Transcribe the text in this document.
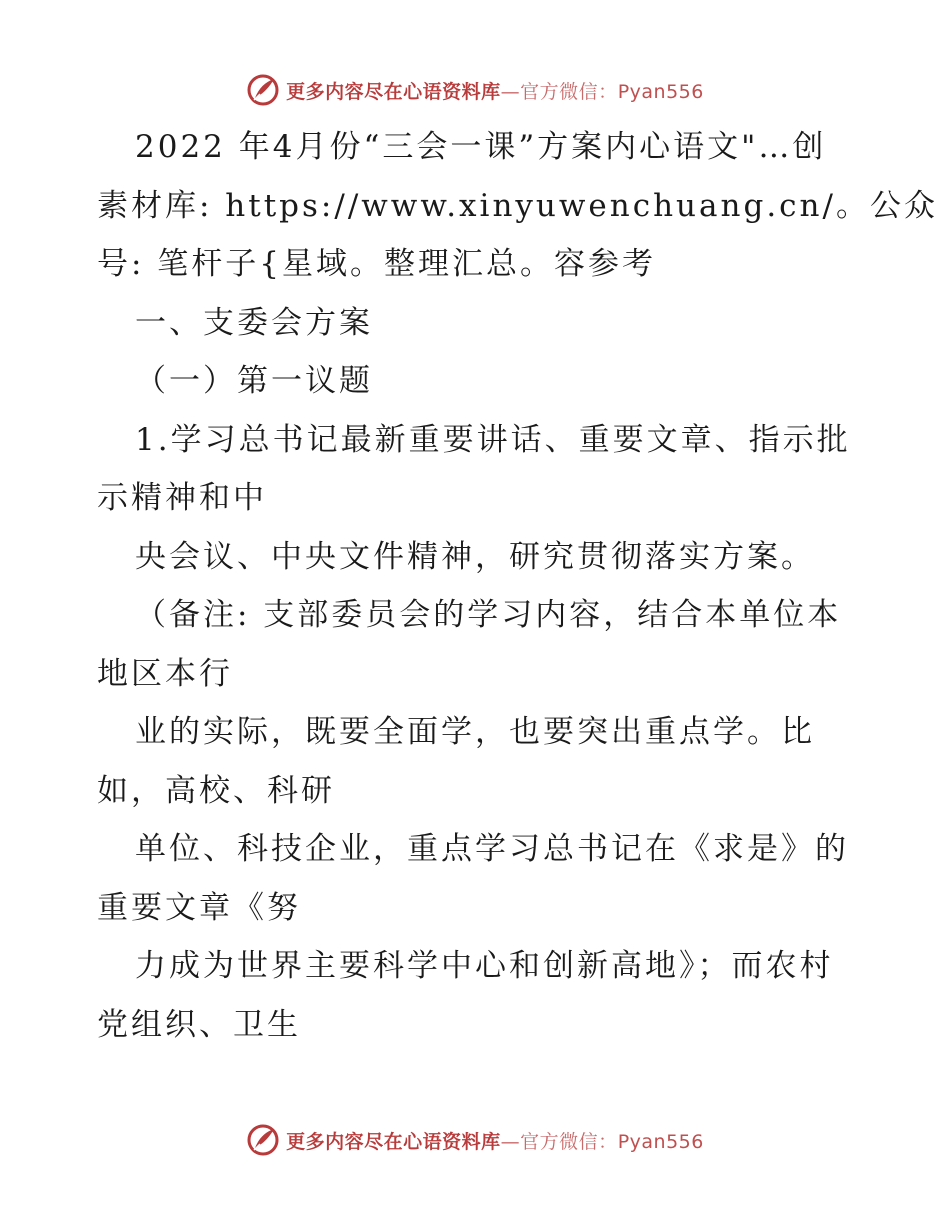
更多内容尽在心语资料库—官方微信：Pyan556
2022 年4月份“三会一课”方案内心语文"…创
素材库: https://www.xinyuwenchuang.cn/。公众
号: 笔杆子{星域。整理汇总。容参考
一、支委会方案
（一）第一议题
1.学习总书记最新重要讲话、重要文章、指示批
示精神和中
央会议、中央文件精神，研究贯彻落实方案。
（备注: 支部委员会的学习内容，结合本单位本
地区本行
业的实际，既要全面学，也要突出重点学。比
如，高校、科研
单位、科技企业，重点学习总书记在《求是》的
重要文章《努
力成为世界主要科学中心和创新高地》；而农村
党组织、卫生
更多内容尽在心语资料库—官方微信：Pyan556
